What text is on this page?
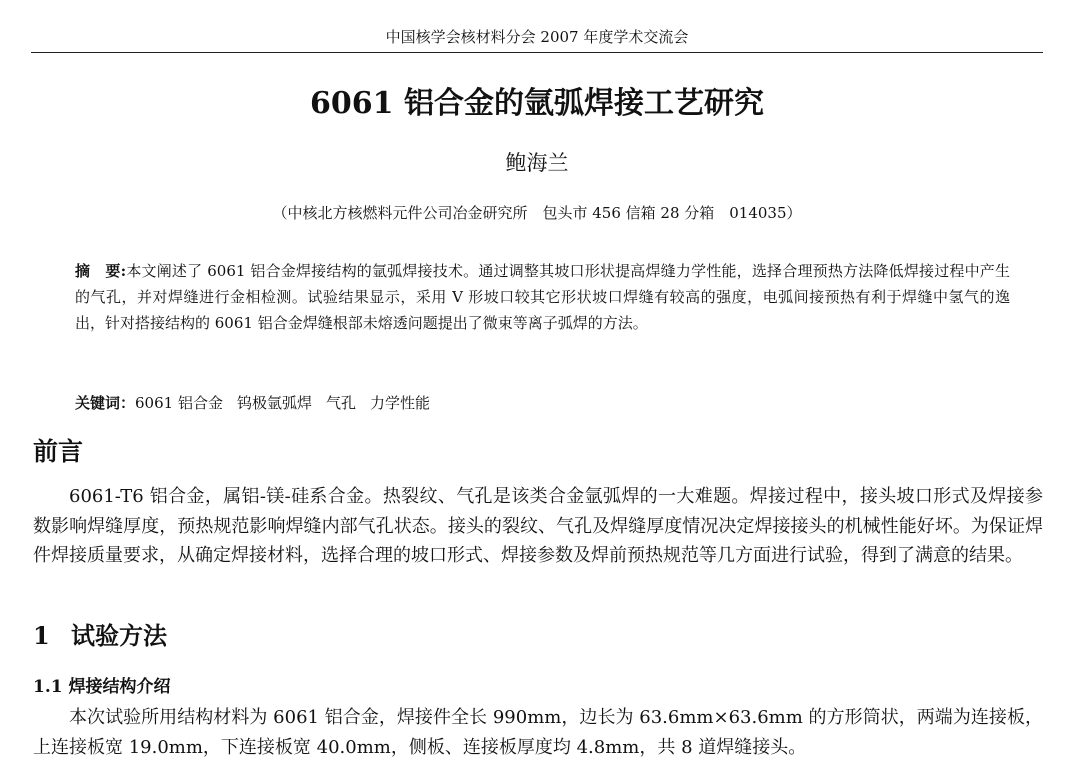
中国核学会核材料分会 2007 年度学术交流会
6061 铝合金的氩弧焊接工艺研究
鲍海兰
（中核北方核燃料元件公司冶金研究所　包头市 456 信箱 28 分箱　014035）
摘　要:本文阐述了 6061 铝合金焊接结构的氩弧焊接技术。通过调整其坡口形状提高焊缝力学性能，选择合理预热方法降低焊接过程中产生的气孔，并对焊缝进行金相检测。试验结果显示，采用 V 形坡口较其它形状坡口焊缝有较高的强度，电弧间接预热有利于焊缝中氢气的逸出，针对搭接结构的 6061 铝合金焊缝根部未熔透问题提出了微束等离子弧焊的方法。
关键词：6061 铝合金 钨极氩弧焊 气孔 力学性能
前言
6061-T6 铝合金，属铝-镁-硅系合金。热裂纹、气孔是该类合金氩弧焊的一大难题。焊接过程中，接头坡口形式及焊接参数影响焊缝厚度，预热规范影响焊缝内部气孔状态。接头的裂纹、气孔及焊缝厚度情况决定焊接接头的机械性能好坏。为保证焊件焊接质量要求，从确定焊接材料，选择合理的坡口形式、焊接参数及焊前预热规范等几方面进行试验，得到了满意的结果。
1 试验方法
1.1 焊接结构介绍
本次试验所用结构材料为 6061 铝合金，焊接件全长 990mm，边长为 63.6mm×63.6mm 的方形筒状，两端为连接板，上连接板宽 19.0mm，下连接板宽 40.0mm，侧板、连接板厚度均 4.8mm，共 8 道焊缝接头。
